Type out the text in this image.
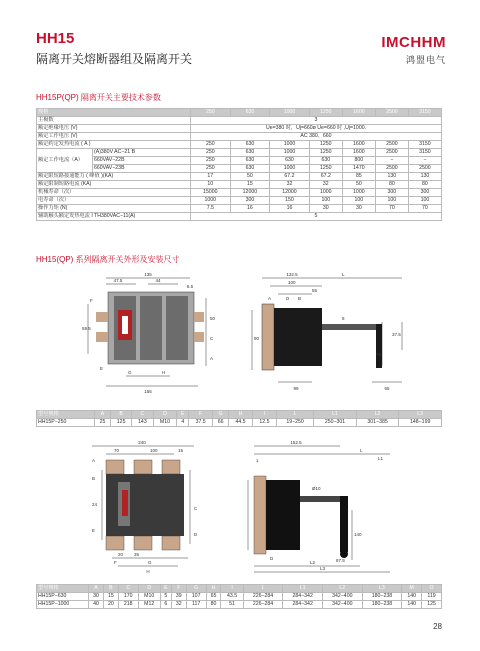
HH15
隔离开关熔断器组及隔离开关
IMCHHM
鸿盟电气
HH15P(QP) 隔离开关主要技术参数
规格		250	630	1000	1250	1600	2500	3150
主极数		3						
额定绝缘电压 (V)		Ue=380 时，Uj=660ø Ue=660 时 ,Uj=1000.						
额定工作电压 (V)		AC 380、660						
额定约定发热电流 ( A )		250	630	1000	1250	1600	2500	3150
额定工作电流（A）	(A)380V AC−21 B	250	630	1000	1250	1600	2500	3150
	660VAV−22B	250	630	630	630	800	−	−
	660VAV−23B	250	630	1000	1250	1470	2500	2500
额定限短路接通能力 ( 峰值 )(KA)		17	50	67.2	67.2	85	130	130
额定限制短路电流 (KA)		10	15	32	32	50	80	80
机械寿命（次）		15000	12000	12000	1000	1000	300	300
电寿命（次）		1000	300	150	100	100	100	100
操作力矩 (N)		7.5	16	16	30	30	70	70
辅助触头额定发热电流 I TH380VAC−11(A)		5						
HH15(QP) 系列隔离开关外形及安装尺寸
135
47.5	44
6.5
59.5
50
155
C
G	H
F
E
A
132.5
100
55
A	D B
8
90
37.5
70
99	65
L
型号规格	A	B	C	D	E	F	G	H	I	L	L1	L2	L3
HH15P−250	25	125	143	M10	4	37.5	66	44.5	12.5	19−250	250−301	301−385	148−199
240
70	100	15
A
B
24
C
E
D
20 35
F	G
H
152.5
1
L
Ø10
L1
140
D	87.5
L2
L3
型号规格	A	B	C	D	E	F	G	H	I	L	L1	L2	L3	M	O
HH15P−630	30	15	170	M10	5	39	107	65	43.5	226−284	284−342	342−400	180−238	140	119
HH15P−1000	40	20	218	M12	6	32	117	80	51	226−284	284−342	342−400	180−238	140	125
28
